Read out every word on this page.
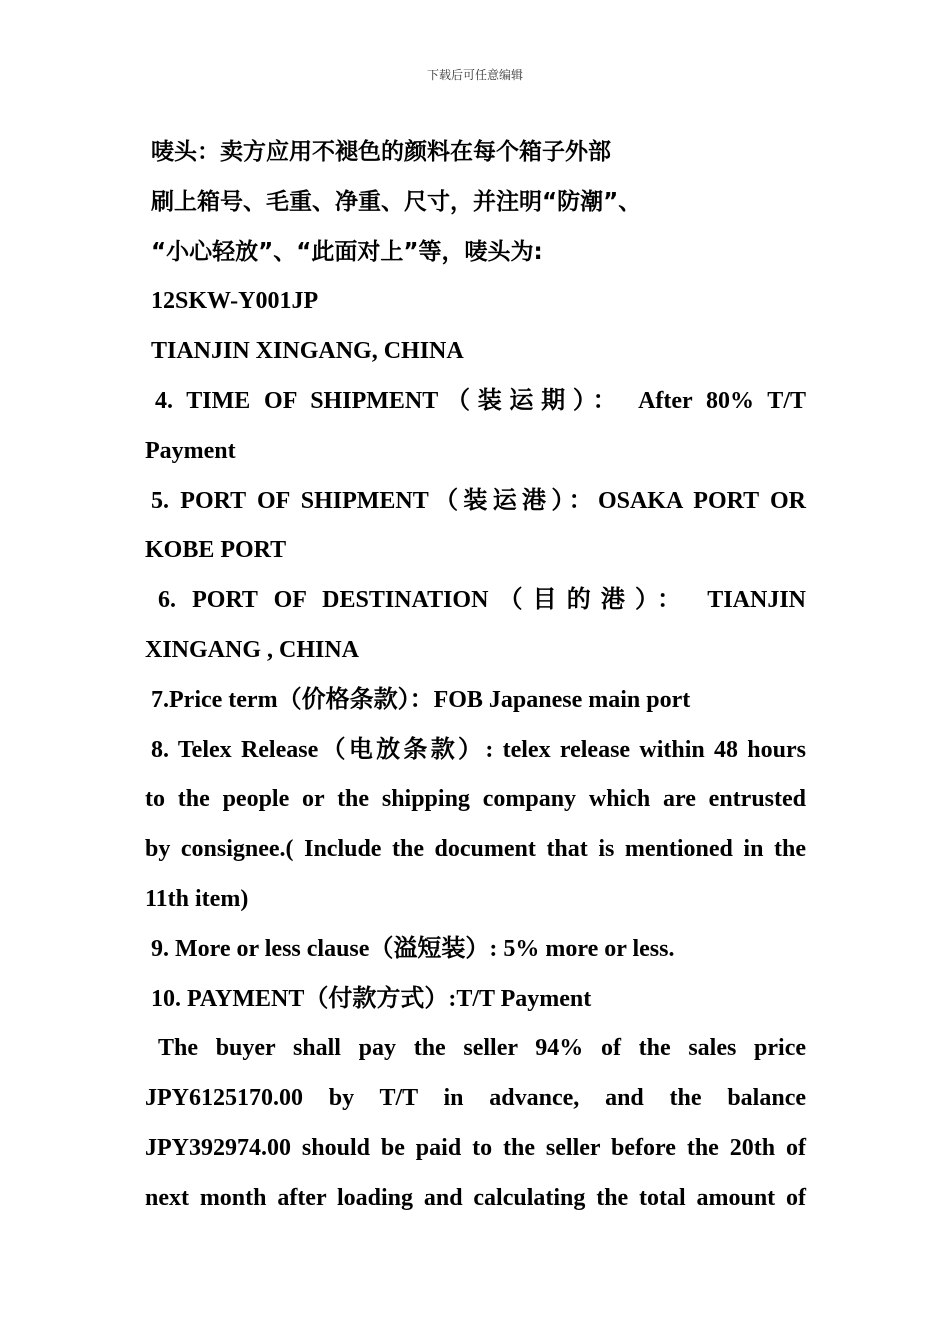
下载后可任意编辑
唛头：卖方应用不褪色的颜料在每个箱子外部
刷上箱号、毛重、净重、尺寸，并注明“防潮”、
“小心轻放”、“此面对上”等，唛头为:
12SKW-Y001JP
TIANJIN XINGANG, CHINA
4. TIME OF SHIPMENT（装运期）： After 80% T/T
Payment
5. PORT OF SHIPMENT（装运港）：OSAKA PORT OR
KOBE PORT
6. PORT OF DESTINATION（目的港）： TIANJIN
XINGANG , CHINA
7.Price term（价格条款）：FOB Japanese main port
8. Telex Release（电放条款）: telex release within 48 hours
to the people or the shipping company which are entrusted
by consignee.( Include the document that is mentioned in the
11th item)
9. More or less clause（溢短装）: 5% more or less.
10. PAYMENT（付款方式）:T/T Payment
The buyer shall pay the seller 94% of the sales price
JPY6125170.00 by T/T in advance, and the balance
JPY392974.00 should be paid to the seller before the 20th of
next month after loading and calculating the total amount of
